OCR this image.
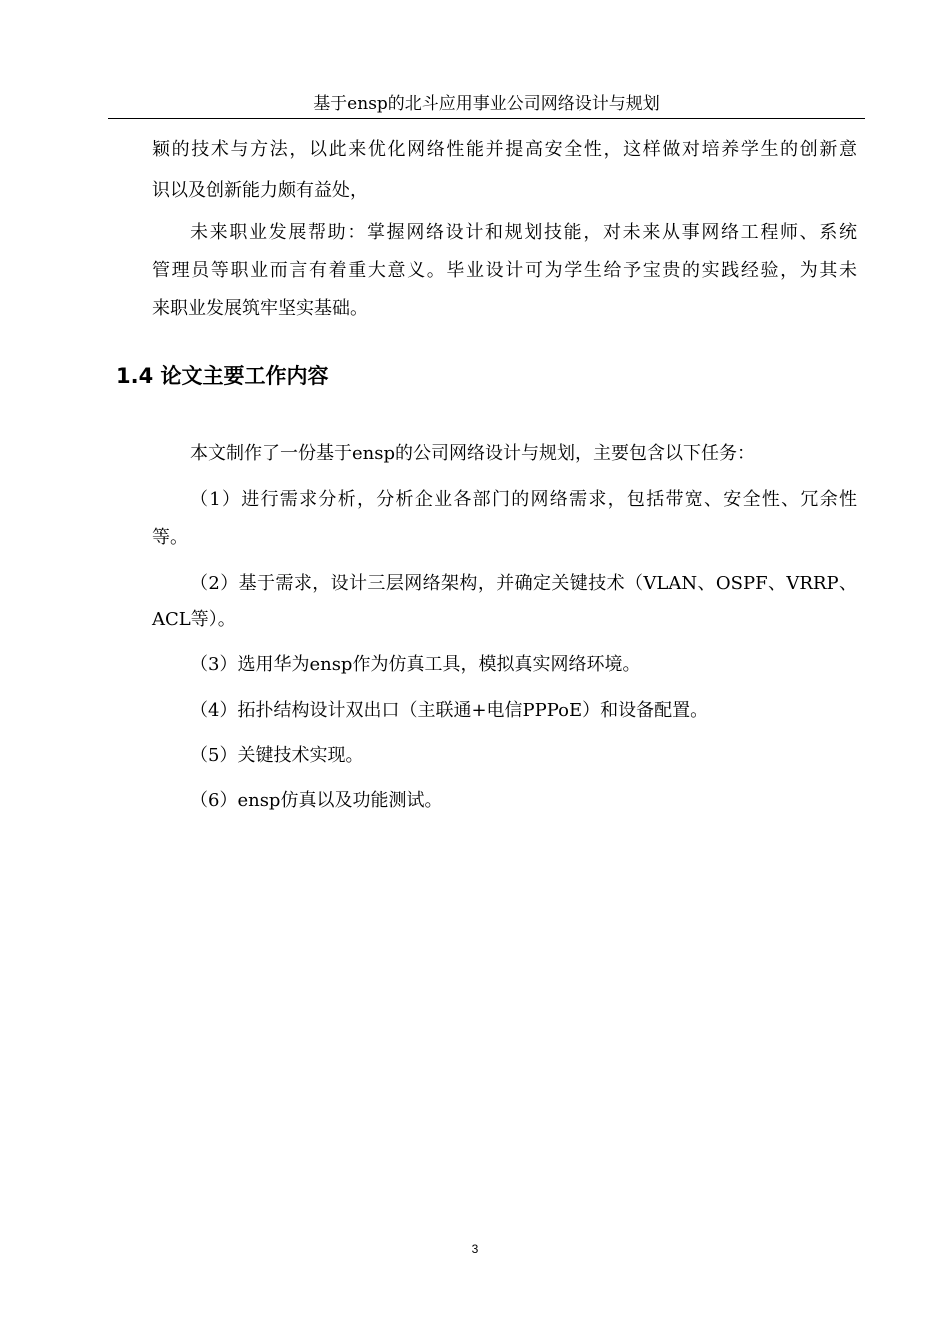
基于ensp的北斗应用事业公司网络设计与规划
颖的技术与方法，以此来优化网络性能并提高安全性，这样做对培养学生的创新意
识以及创新能力颇有益处，
未来职业发展帮助：掌握网络设计和规划技能，对未来从事网络工程师、系统
管理员等职业而言有着重大意义。毕业设计可为学生给予宝贵的实践经验，为其未
来职业发展筑牢坚实基础。
1.4 论文主要工作内容
本文制作了一份基于ensp的公司网络设计与规划，主要包含以下任务：
（1）进行需求分析，分析企业各部门的网络需求，包括带宽、安全性、冗余性
等。
（2）基于需求，设计三层网络架构，并确定关键技术（VLAN、OSPF、VRRP、
ACL等）。
（3）选用华为ensp作为仿真工具，模拟真实网络环境。
（4）拓扑结构设计双出口（主联通+电信PPPoE）和设备配置。
（5）关键技术实现。
（6）ensp仿真以及功能测试。
3
